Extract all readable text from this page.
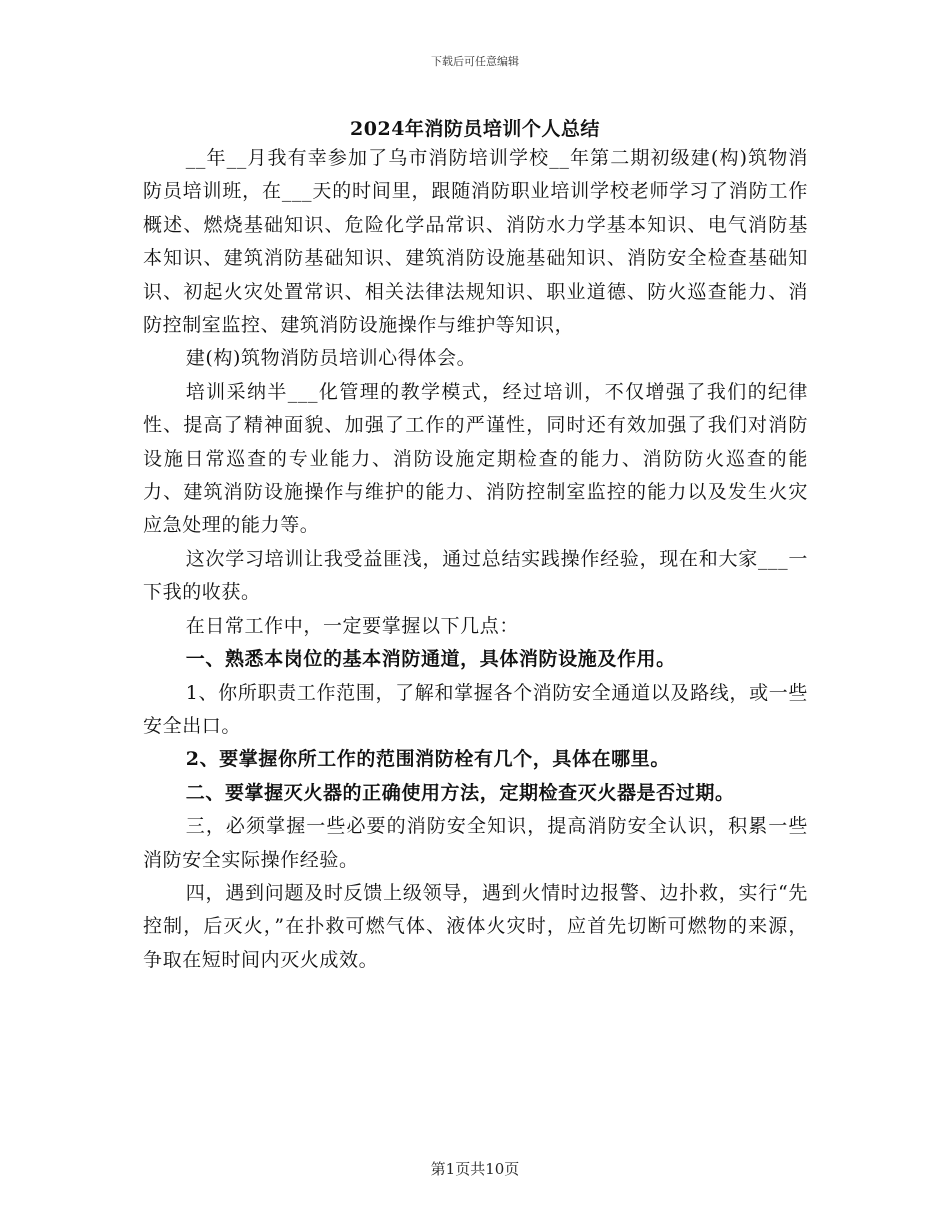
下载后可任意编辑
2024年消防员培训个人总结

__年__月我有幸参加了乌市消防培训学校__年第二期初级建(构)筑物消防员培训班，在___天的时间里，跟随消防职业培训学校老师学习了消防工作概述、燃烧基础知识、危险化学品常识、消防水力学基本知识、电气消防基本知识、建筑消防基础知识、建筑消防设施基础知识、消防安全检查基础知识、初起火灾处置常识、相关法律法规知识、职业道德、防火巡查能力、消防控制室监控、建筑消防设施操作与维护等知识，

建(构)筑物消防员培训心得体会。

培训采纳半___化管理的教学模式，经过培训，不仅增强了我们的纪律性、提高了精神面貌、加强了工作的严谨性，同时还有效加强了我们对消防设施日常巡查的专业能力、消防设施定期检查的能力、消防防火巡查的能力、建筑消防设施操作与维护的能力、消防控制室监控的能力以及发生火灾应急处理的能力等。

这次学习培训让我受益匪浅，通过总结实践操作经验，现在和大家___一下我的收获。

在日常工作中，一定要掌握以下几点：

一、熟悉本岗位的基本消防通道，具体消防设施及作用。

1、你所职责工作范围，了解和掌握各个消防安全通道以及路线，或一些安全出口。

2、要掌握你所工作的范围消防栓有几个，具体在哪里。

二、要掌握灭火器的正确使用方法，定期检查灭火器是否过期。

三，必须掌握一些必要的消防安全知识，提高消防安全认识，积累一些消防安全实际操作经验。

四，遇到问题及时反馈上级领导，遇到火情时边报警、边扑救，实行“先控制，后灭火，”在扑救可燃气体、液体火灾时，应首先切断可燃物的来源，争取在短时间内灭火成效。

第1页共10页
